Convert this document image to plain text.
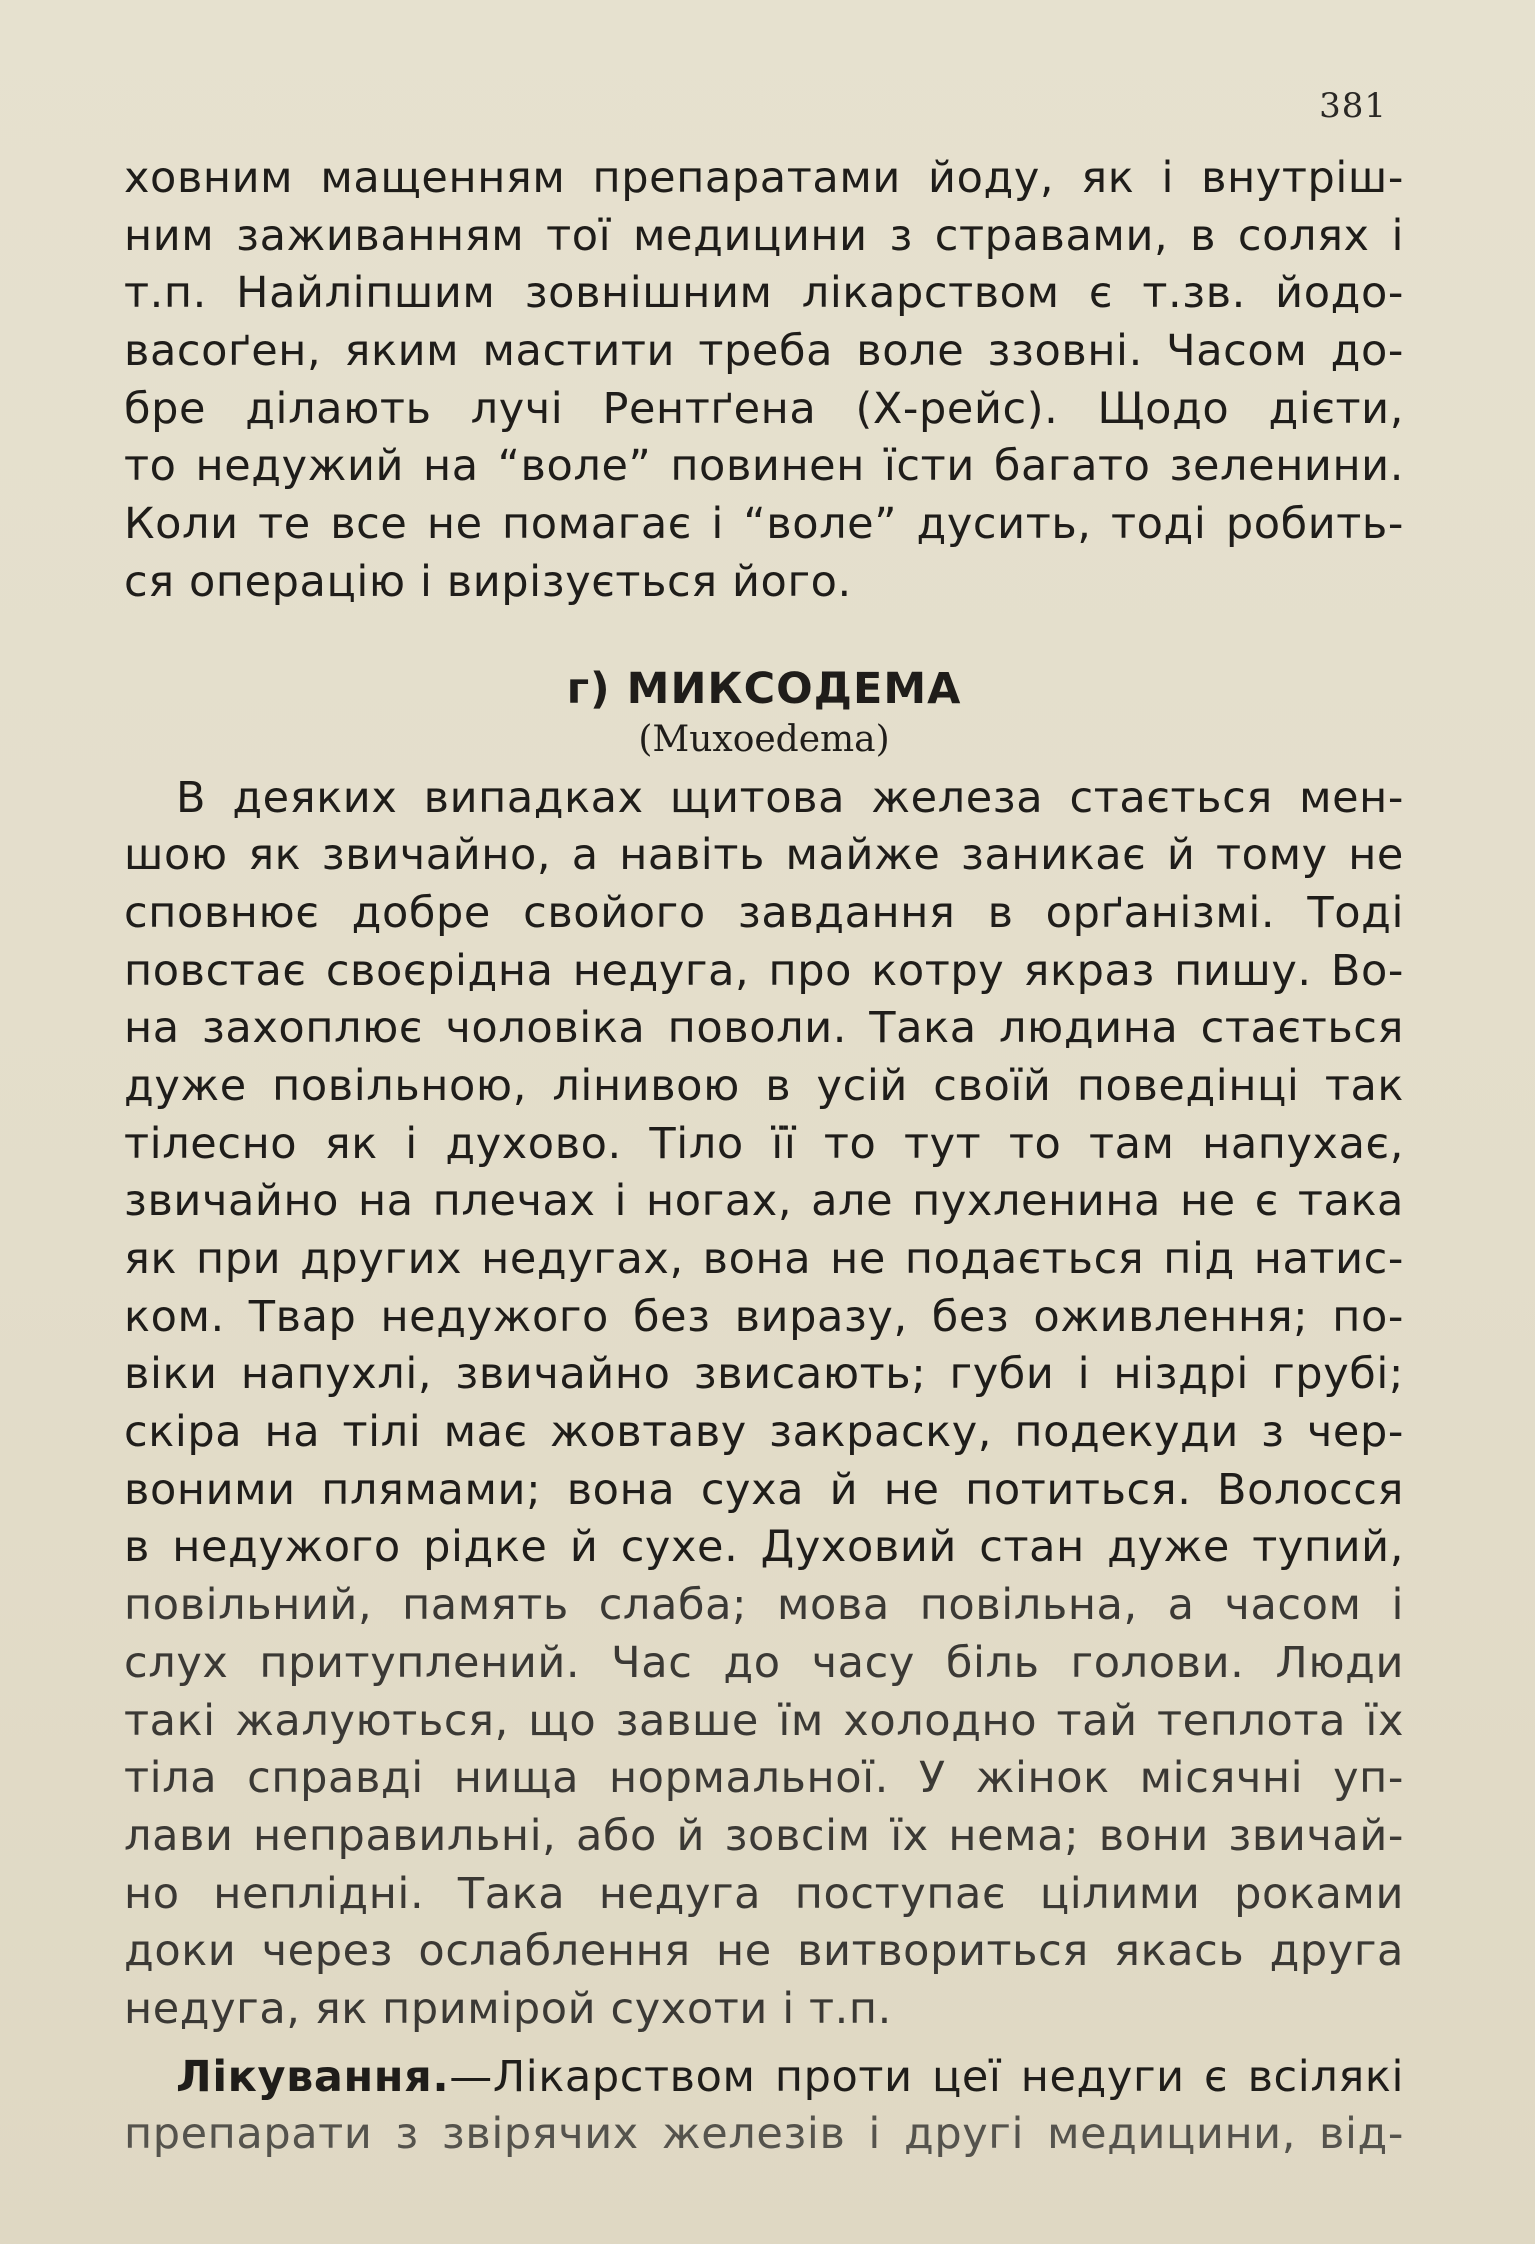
381
ховним мащенням препаратами йоду, як і внутріш-
ним заживанням тої медицини з стравами, в солях і
т.п. Найліпшим зовнішним лікарством є т.зв. йодо-
васоґен, яким мастити треба воле ззовні. Часом до-
бре ділають лучі Рентґена (Х-рейс). Щодо дієти,
то недужий на “воле” повинен їсти багато зеленини.
Коли те все не помагає і “воле” дусить, тоді робить-
ся операцію і вирізується його.
г) МИКСОДЕМА
(Muxoedema)
В деяких випадках щитова железа стається мен-
шою як звичайно, а навіть майже заникає й тому не
сповнює добре свойого завдання в орґанізмі. Тоді
повстає своєрідна недуга, про котру якраз пишу. Во-
на захоплює чоловіка поволи. Така людина стається
дуже повільною, лінивою в усій своїй поведінці так
тілесно як і духово. Тіло її то тут то там напухає,
звичайно на плечах і ногах, але пухленина не є така
як при других недугах, вона не подається під натис-
ком. Твар недужого без виразу, без оживлення; по-
віки напухлі, звичайно звисають; губи і ніздрі грубі;
скіра на тілі має жовтаву закраску, подекуди з чер-
воними плямами; вона суха й не потиться. Волосся
в недужого рідке й сухе. Духовий стан дуже тупий,
повільний, память слаба; мова повільна, а часом і
слух притуплений. Час до часу біль голови. Люди
такі жалуються, що завше їм холодно тай теплота їх
тіла справді нища нормальної. У жінок місячні уп-
лави неправильні, або й зовсім їх нема; вони звичай-
но неплідні. Така недуга поступає цілими роками
доки через ослаблення не витвориться якась друга
недуга, як примірой сухоти і т.п.
Лікування.—Лікарством проти цеї недуги є всілякі
препарати з звірячих железів і другі медицини, від-
